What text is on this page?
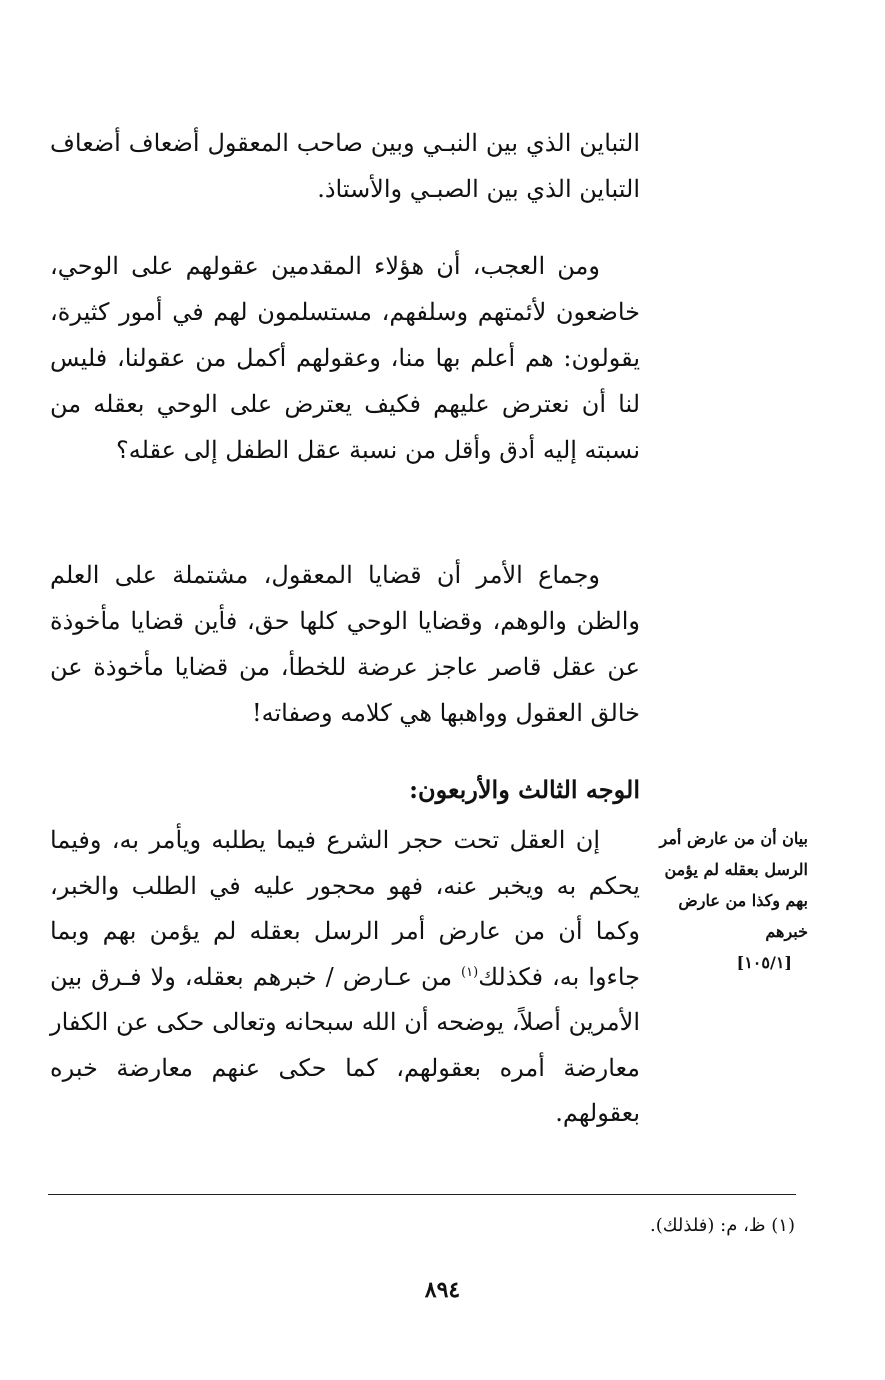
التباين الذي بين النبـي وبين صاحب المعقول أضعاف أضعاف التباين الذي بين الصبـي والأستاذ.

ومن العجب، أن هؤلاء المقدمين عقولهم على الوحي، خاضعون لأئمتهم وسلفهم، مستسلمون لهم في أمور كثيرة، يقولون: هم أعلم بها منا، وعقولهم أكمل من عقولنا، فليس لنا أن نعترض عليهم فكيف يعترض على الوحي بعقله من نسبته إليه أدق وأقل من نسبة عقل الطفل إلى عقله؟

وجماع الأمر أن قضايا المعقول، مشتملة على العلم والظن والوهم، وقضايا الوحي كلها حق، فأين قضايا مأخوذة عن عقل قاصر عاجز عرضة للخطأ، من قضايا مأخوذة عن خالق العقول وواهبها هي كلامه وصفاته!

الوجه الثالث والأربعون:

إن العقل تحت حجر الشرع فيما يطلبه ويأمر به، وفيما يحكم به ويخبر عنه، فهو محجور عليه في الطلب والخبر، وكما أن من عارض أمر الرسل بعقله لم يؤمن بهم وبما جاءوا به، فكذلك$^{(١)}$ من عـارض / خبرهم بعقله، ولا فـرق بين الأمرين أصلاً، يوضحه أن الله سبحانه وتعالى حكى عن الكفار معارضة أمره بعقولهم، كما حكى عنهم معارضة خبره بعقولهم.

بيان أن من عارض أمر الرسل بعقله لم يؤمن بهم وكذا من عارض خبرهم
[١٠٥/١]
(١) ظ، م: (فلذلك).
٨٩٤
